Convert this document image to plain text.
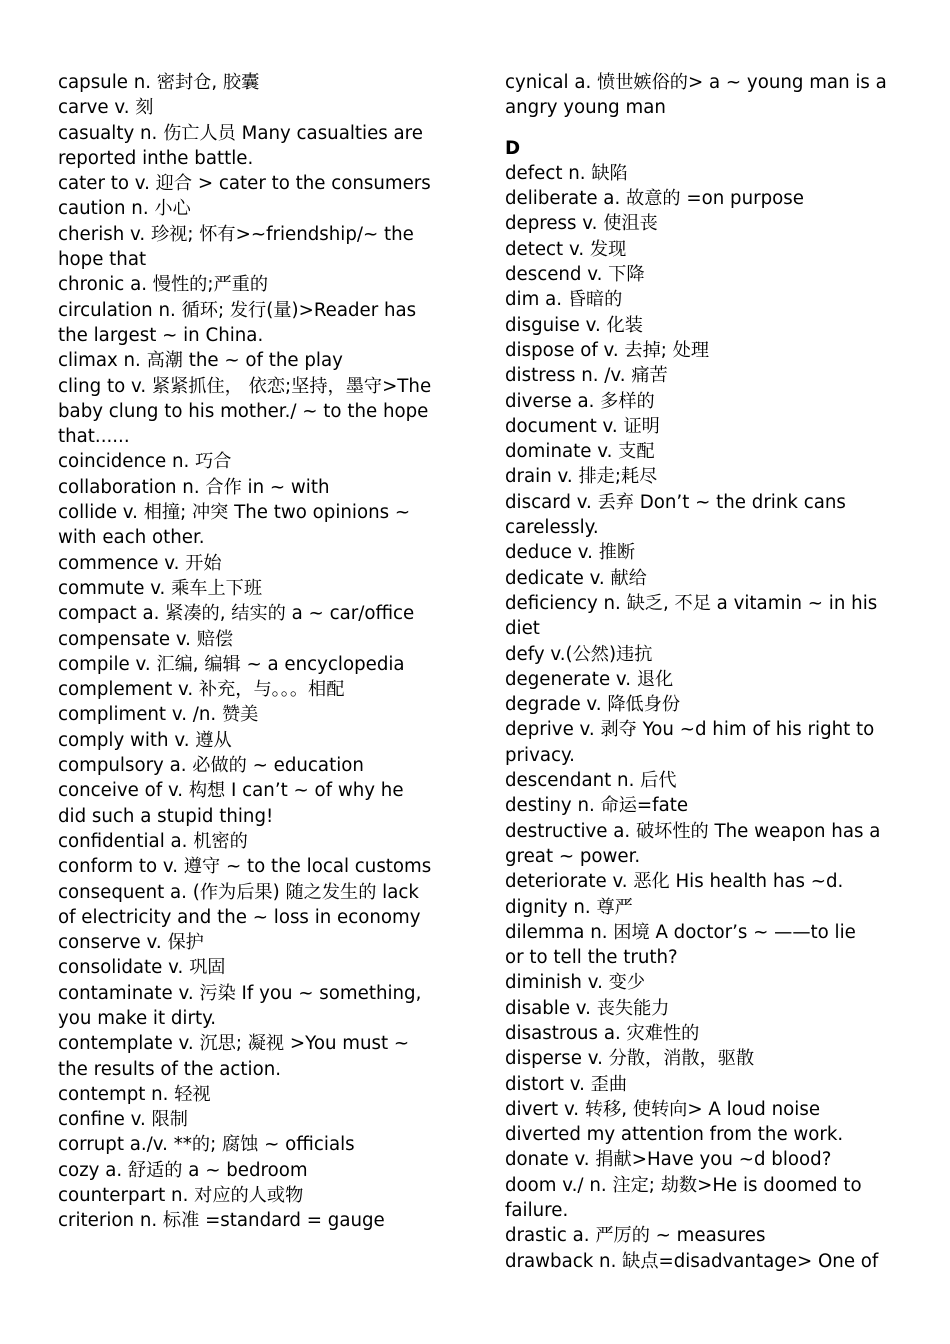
capsule n. 密封仓, 胶囊
carve v. 刻
casualty n. 伤亡人员 Many casualties are
reported inthe battle.
cater to v. 迎合 > cater to the consumers
caution n. 小心
cherish v. 珍视; 怀有>~friendship/~ the
hope that
chronic a. 慢性的;严重的
circulation n. 循环; 发行(量)>Reader has
the largest ~ in China.
climax n. 高潮 the ~ of the play
cling to v. 紧紧抓住， 依恋;坚持，墨守>The
baby clung to his mother./ ~ to the hope
that......
coincidence n. 巧合
collaboration n. 合作 in ~ with
collide v. 相撞; 冲突 The two opinions ~
with each other.
commence v. 开始
commute v. 乘车上下班
compact a. 紧凑的, 结实的 a ~ car/office
compensate v. 赔偿
compile v. 汇编, 编辑 ~ a encyclopedia
complement v. 补充，与。。。相配
compliment v. /n. 赞美
comply with v. 遵从
compulsory a. 必做的 ~ education
conceive of v. 构想 I can’t ~ of why he
did such a stupid thing!
confidential a. 机密的
conform to v. 遵守 ~ to the local customs
consequent a. (作为后果) 随之发生的 lack
of electricity and the ~ loss in economy
conserve v. 保护
consolidate v. 巩固
contaminate v. 污染 If you ~ something,
you make it dirty.
contemplate v. 沉思; 凝视 >You must ~
the results of the action.
contempt n. 轻视
confine v. 限制
corrupt a./v. **的; 腐蚀 ~ officials
cozy a. 舒适的 a ~ bedroom
counterpart n. 对应的人或物
criterion n. 标准 =standard = gauge
cynical a. 愤世嫉俗的> a ~ young man is a
angry young man
D
defect n. 缺陷
deliberate a. 故意的 =on purpose
depress v. 使沮丧
detect v. 发现
descend v. 下降
dim a. 昏暗的
disguise v. 化装
dispose of v. 去掉; 处理
distress n. /v. 痛苦
diverse a. 多样的
document v. 证明
dominate v. 支配
drain v. 排走;耗尽
discard v. 丢弃 Don’t ~ the drink cans
carelessly.
deduce v. 推断
dedicate v. 献给
deficiency n. 缺乏, 不足 a vitamin ~ in his
diet
defy v.(公然)违抗
degenerate v. 退化
degrade v. 降低身份
deprive v. 剥夺 You ~d him of his right to
privacy.
descendant n. 后代
destiny n. 命运=fate
destructive a. 破坏性的 The weapon has a
great ~ power.
deteriorate v. 恶化 His health has ~d.
dignity n. 尊严
dilemma n. 困境 A doctor’s ~ ——to lie
or to tell the truth?
diminish v. 变少
disable v. 丧失能力
disastrous a. 灾难性的
disperse v. 分散，消散，驱散
distort v. 歪曲
divert v. 转移, 使转向> A loud noise
diverted my attention from the work.
donate v. 捐献>Have you ~d blood?
doom v./ n. 注定; 劫数>He is doomed to
failure.
drastic a. 严厉的 ~ measures
drawback n. 缺点=disadvantage> One of
